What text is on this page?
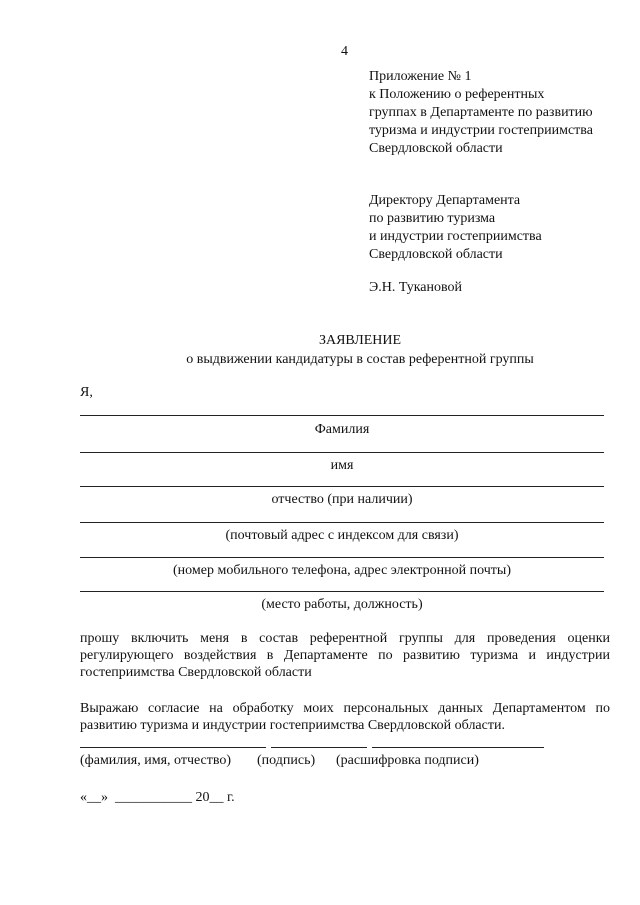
4
Приложение № 1
к Положению о референтных
группах в Департаменте по развитию
туризма и индустрии гостеприимства
Свердловской области
Директору Департамента
по развитию туризма
и индустрии гостеприимства
Свердловской области
Э.Н. Тукановой
ЗАЯВЛЕНИЕ
о выдвижении кандидатуры в состав референтной группы
Я,
Фамилия
имя
отчество (при наличии)
(почтовый адрес с индексом для связи)
(номер мобильного телефона, адрес электронной почты)
(место работы, должность)
прошу включить меня в состав референтной группы для проведения оценки регулирующего воздействия в Департаменте по развитию туризма и индустрии гостеприимства Свердловской области
Выражаю согласие на обработку моих персональных данных Департаментом по развитию туризма и индустрии гостеприимства Свердловской области.
(фамилия, имя, отчество) (подпись) (расшифровка подписи)
«__»  ___________ 20__ г.
